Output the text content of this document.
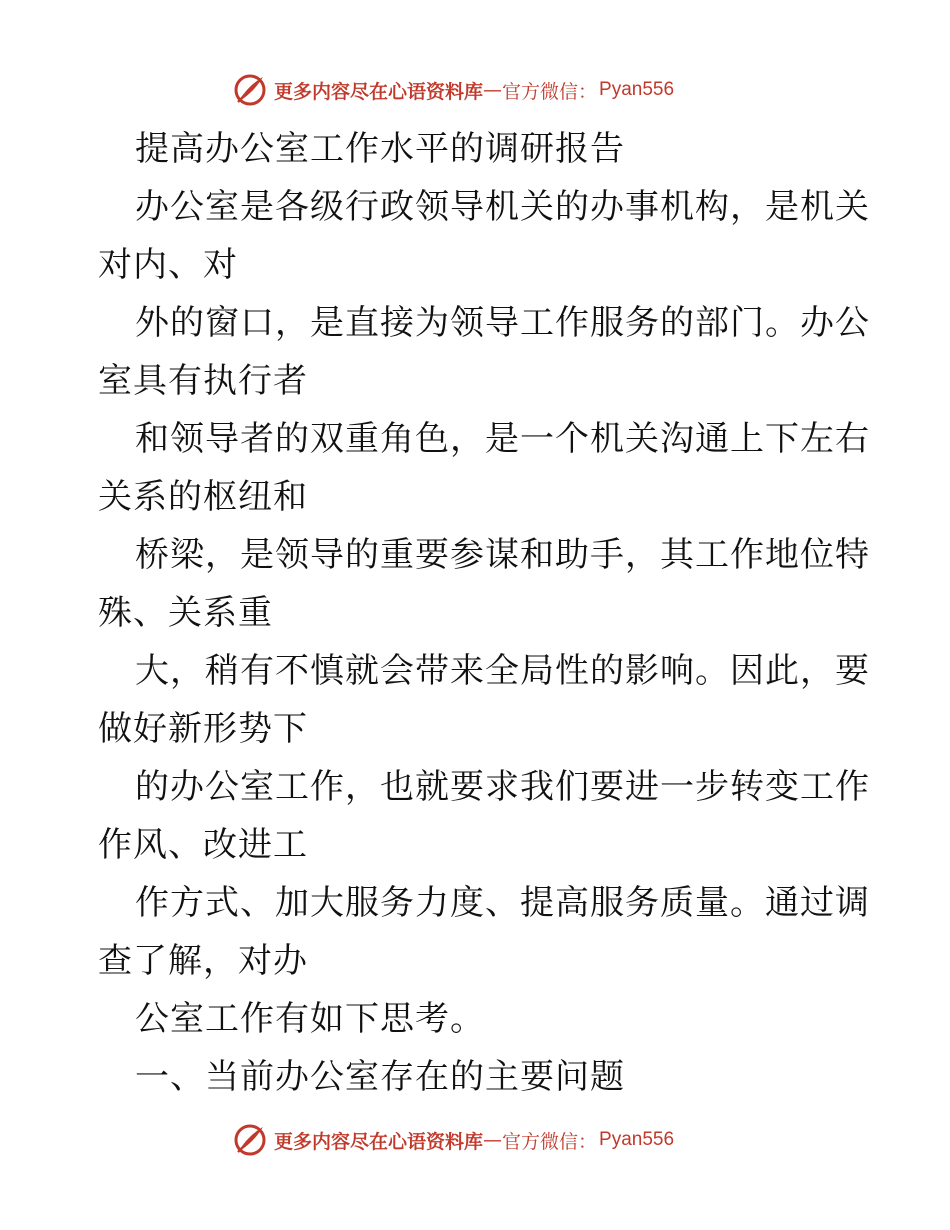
更多内容尽在心语资料库 — 官方微信： Pyan556
提高办公室工作水平的调研报告
办公室是各级行政领导机关的办事机构，是机关
对内、对
外的窗口，是直接为领导工作服务的部门。办公
室具有执行者
和领导者的双重角色，是一个机关沟通上下左右
关系的枢纽和
桥梁，是领导的重要参谋和助手，其工作地位特
殊、关系重
大，稍有不慎就会带来全局性的影响。因此，要
做好新形势下
的办公室工作，也就要求我们要进一步转变工作
作风、改进工
作方式、加大服务力度、提高服务质量。通过调
查了解，对办
公室工作有如下思考。
一、当前办公室存在的主要问题
更多内容尽在心语资料库 — 官方微信： Pyan556
